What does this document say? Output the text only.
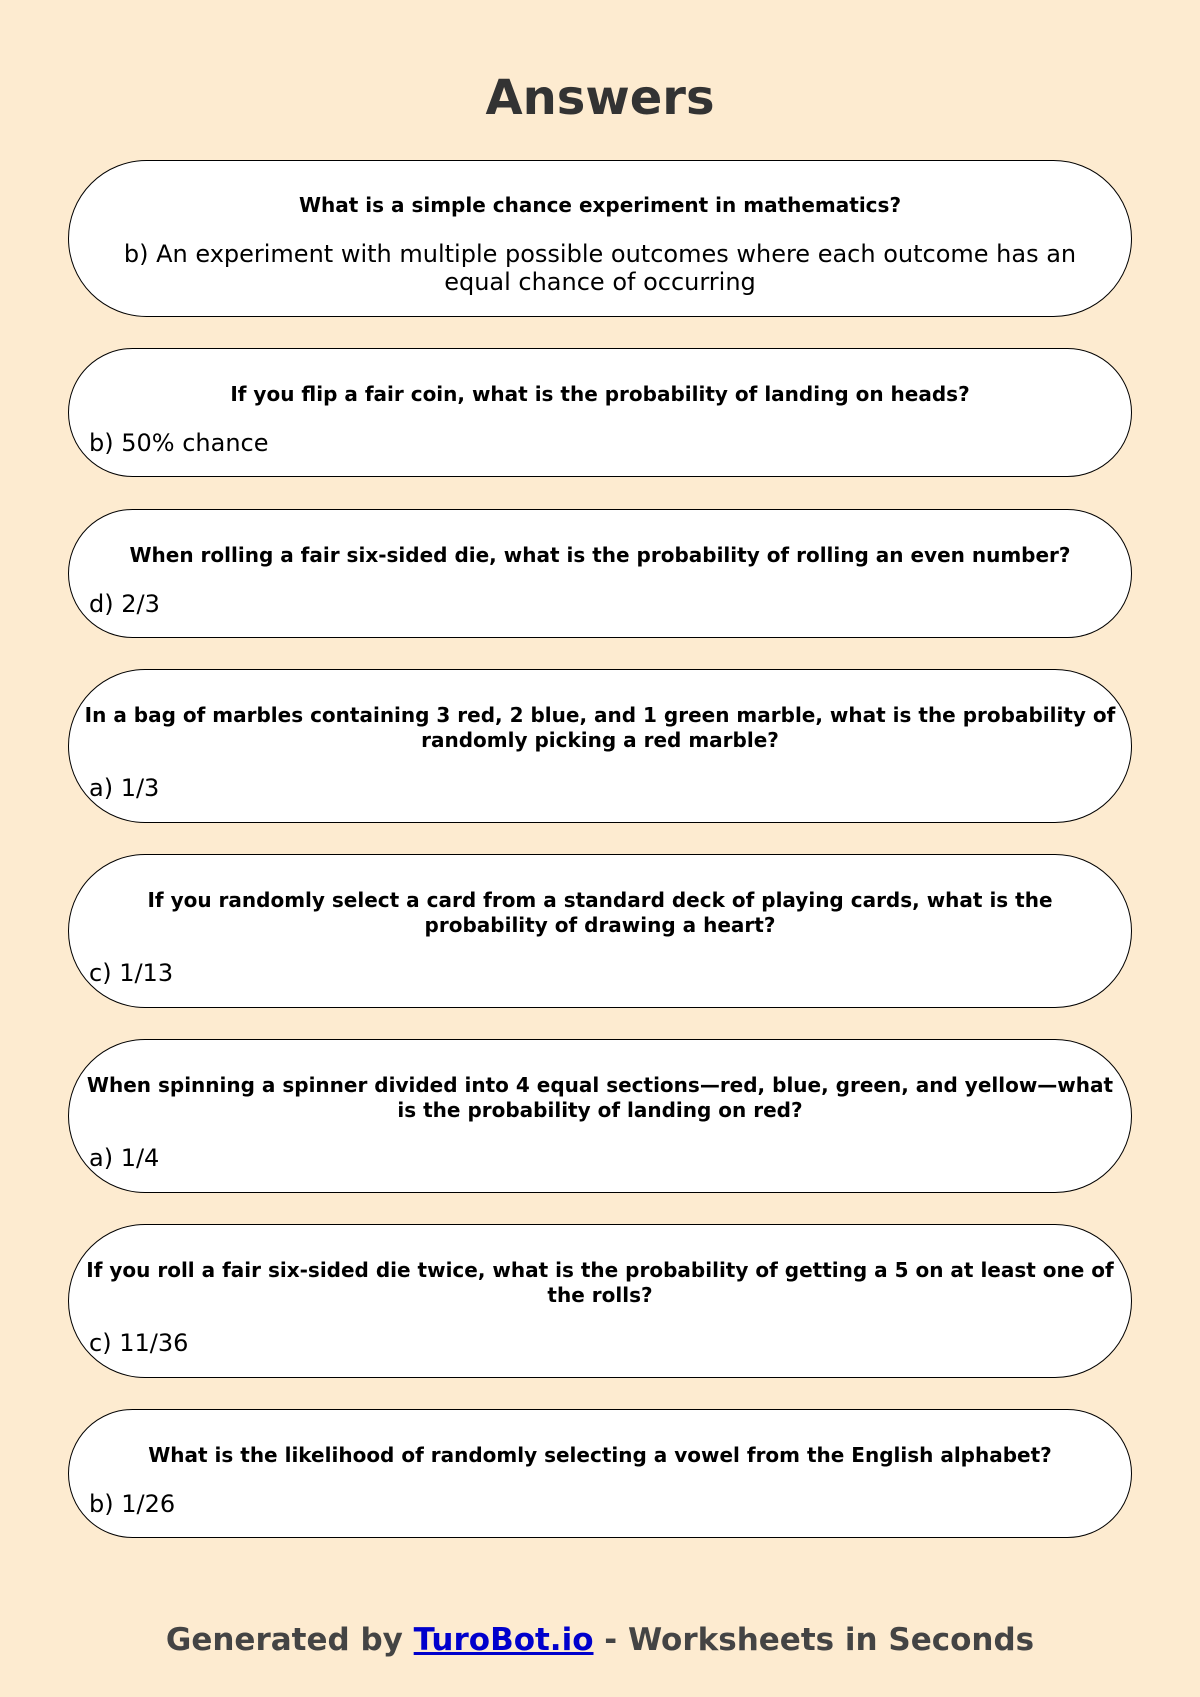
Answers
What is a simple chance experiment in mathematics?
b) An experiment with multiple possible outcomes where each outcome has an equal chance of occurring
If you flip a fair coin, what is the probability of landing on heads?
b) 50% chance
When rolling a fair six-sided die, what is the probability of rolling an even number?
d) 2/3
In a bag of marbles containing 3 red, 2 blue, and 1 green marble, what is the probability of randomly picking a red marble?
a) 1/3
If you randomly select a card from a standard deck of playing cards, what is the probability of drawing a heart?
c) 1/13
When spinning a spinner divided into 4 equal sections—red, blue, green, and yellow—what is the probability of landing on red?
a) 1/4
If you roll a fair six-sided die twice, what is the probability of getting a 5 on at least one of the rolls?
c) 11/36
What is the likelihood of randomly selecting a vowel from the English alphabet?
b) 1/26
Generated by TuroBot.io - Worksheets in Seconds
